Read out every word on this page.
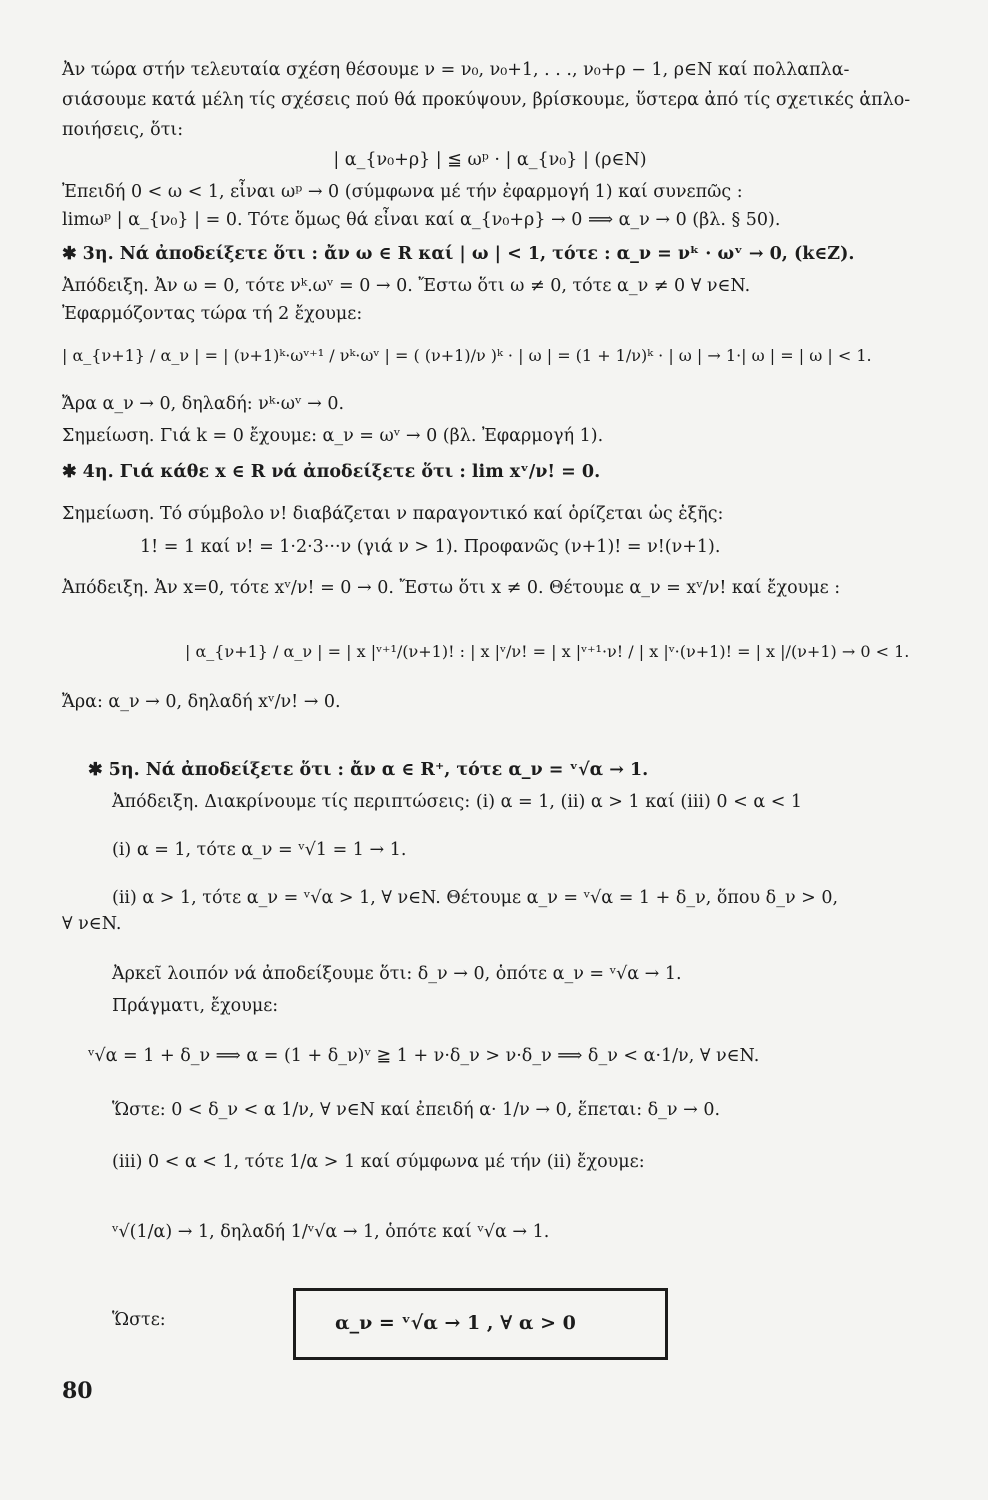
Ἀν τώρα στήν τελευταία σχέση θέσουμε ν = ν₀, ν₀+1, . . ., ν₀+ρ − 1, ρ∈N καί πολλαπλα-
σιάσουμε κατά μέλη τίς σχέσεις πού θά προκύψουν, βρίσκουμε, ὕστερα ἀπό τίς σχετικές ἁπλο-
ποιήσεις, ὅτι:
| α_{ν₀+ρ} | ≦ ωᵖ · | α_{ν₀} | (ρ∈N)
Ἐπειδή 0 < ω < 1, εἶναι ωᵖ → 0 (σύμφωνα μέ τήν ἐφαρμογή 1) καί συνεπῶς :
limωᵖ | α_{ν₀} | = 0. Τότε ὅμως θά εἶναι καί α_{ν₀+ρ} → 0 ⟹ α_ν → 0 (βλ. § 50).
✱ 3η. Νά ἀποδείξετε ὅτι : ἄν ω ∈ R καί | ω | < 1, τότε : α_ν = νᵏ · ωᵛ → 0, (k∈Z).
Ἀπόδειξη. Ἀν ω = 0, τότε νᵏ.ωᵛ = 0 → 0. Ἔστω ὅτι ω ≠ 0, τότε α_ν ≠ 0 ∀ ν∈N.
Ἐφαρμόζοντας τώρα τή 2 ἔχουμε:
| α_{ν+1} / α_ν | = | (ν+1)ᵏ·ωᵛ⁺¹ / νᵏ·ωᵛ | = ( (ν+1)/ν )ᵏ · | ω | = (1 + 1/ν)ᵏ · | ω | → 1·| ω | = | ω | < 1.
Ἄρα α_ν → 0, δηλαδή: νᵏ·ωᵛ → 0.
Σημείωση. Γιά k = 0 ἔχουμε: α_ν = ωᵛ → 0 (βλ. Ἐφαρμογή 1).
✱ 4η. Γιά κάθε x ∈ R νά ἀποδείξετε ὅτι : lim xᵛ/ν! = 0.
Σημείωση. Τό σύμβολο ν! διαβάζεται ν παραγοντικό καί ὁρίζεται ὡς ἑξῆς:
1! = 1 καί ν! = 1·2·3···ν (γιά ν > 1). Προφανῶς (ν+1)! = ν!(ν+1).
Ἀπόδειξη. Ἀν x=0, τότε xᵛ/ν! = 0 → 0. Ἔστω ὅτι x ≠ 0. Θέτουμε α_ν = xᵛ/ν! καί ἔχουμε :
| α_{ν+1} / α_ν | = | x |ᵛ⁺¹/(ν+1)! : | x |ᵛ/ν! = | x |ᵛ⁺¹·ν! / | x |ᵛ·(ν+1)! = | x |/(ν+1) → 0 < 1.
Ἄρα: α_ν → 0, δηλαδή xᵛ/ν! → 0.
✱ 5η. Νά ἀποδείξετε ὅτι : ἄν α ∈ R⁺, τότε α_ν = ᵛ√α → 1.
Ἀπόδειξη. Διακρίνουμε τίς περιπτώσεις: (i) α = 1, (ii) α > 1 καί (iii) 0 < α < 1
(i) α = 1, τότε α_ν = ᵛ√1 = 1 → 1.
(ii) α > 1, τότε α_ν = ᵛ√α > 1, ∀ ν∈N. Θέτουμε α_ν = ᵛ√α = 1 + δ_ν, ὅπου δ_ν > 0,
∀ ν∈N.
Ἀρκεῖ λοιπόν νά ἀποδείξουμε ὅτι: δ_ν → 0, ὁπότε α_ν = ᵛ√α → 1.
Πράγματι, ἔχουμε:
ᵛ√α = 1 + δ_ν ⟹ α = (1 + δ_ν)ᵛ ≧ 1 + ν·δ_ν > ν·δ_ν ⟹ δ_ν < α·1/ν, ∀ ν∈N.
Ὥστε: 0 < δ_ν < α 1/ν, ∀ ν∈N καί ἐπειδή α· 1/ν → 0, ἕπεται: δ_ν → 0.
(iii) 0 < α < 1, τότε 1/α > 1 καί σύμφωνα μέ τήν (ii) ἔχουμε:
ᵛ√(1/α) → 1, δηλαδή 1/ᵛ√α → 1, ὁπότε καί ᵛ√α → 1.
Ὥστε:	α_ν = ᵛ√α → 1 , ∀ α > 0
80
